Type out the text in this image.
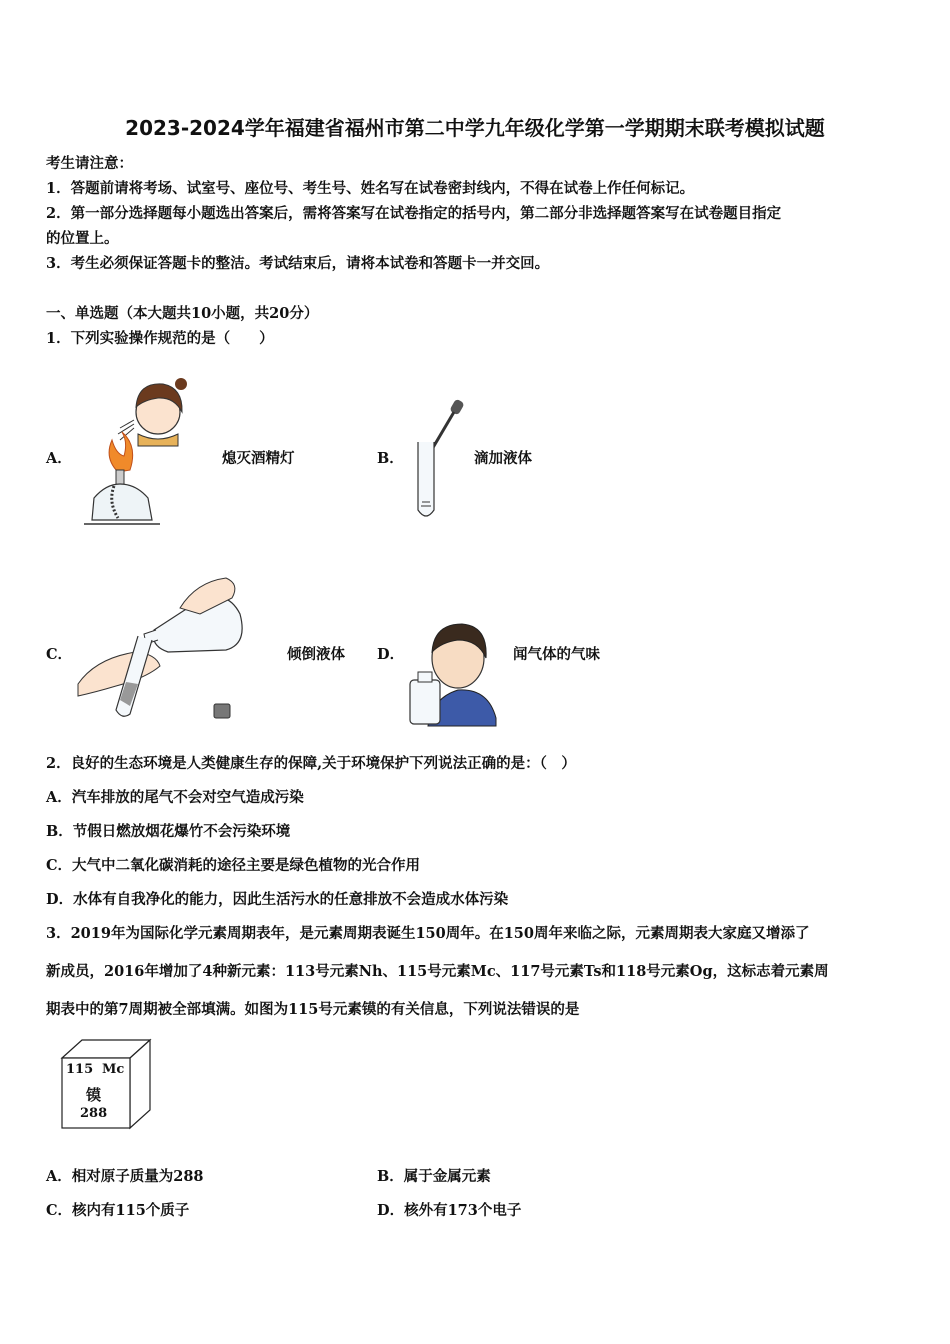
2023-2024学年福建省福州市第二中学九年级化学第一学期期末联考模拟试题
考生请注意：
1．答题前请将考场、试室号、座位号、考生号、姓名写在试卷密封线内，不得在试卷上作任何标记。
2．第一部分选择题每小题选出答案后，需将答案写在试卷指定的括号内，第二部分非选择题答案写在试卷题目指定
的位置上。
3．考生必须保证答题卡的整洁。考试结束后，请将本试卷和答题卡一并交回。
一、单选题（本大题共10小题，共20分）
1．下列实验操作规范的是（　　）
A．	熄灭酒精灯	B．	滴加液体
C．	倾倒液体 D．	闻气体的气味
2．良好的生态环境是人类健康生存的保障,关于环境保护下列说法正确的是：（　）
A．汽车排放的尾气不会对空气造成污染
B．节假日燃放烟花爆竹不会污染环境
C．大气中二氧化碳消耗的途径主要是绿色植物的光合作用
D．水体有自我净化的能力，因此生活污水的任意排放不会造成水体污染
3．2019年为国际化学元素周期表年，是元素周期表诞生150周年。在150周年来临之际，元素周期表大家庭又增添了
新成员，2016年增加了4种新元素：113号元素Nh、115号元素Mc、117号元素Ts和118号元素Og，这标志着元素周
期表中的第7周期被全部填满。如图为115号元素镆的有关信息，下列说法错误的是
115 Mc
镆
288
A．相对原子质量为288	B．属于金属元素
C．核内有115个质子	D．核外有173个电子
